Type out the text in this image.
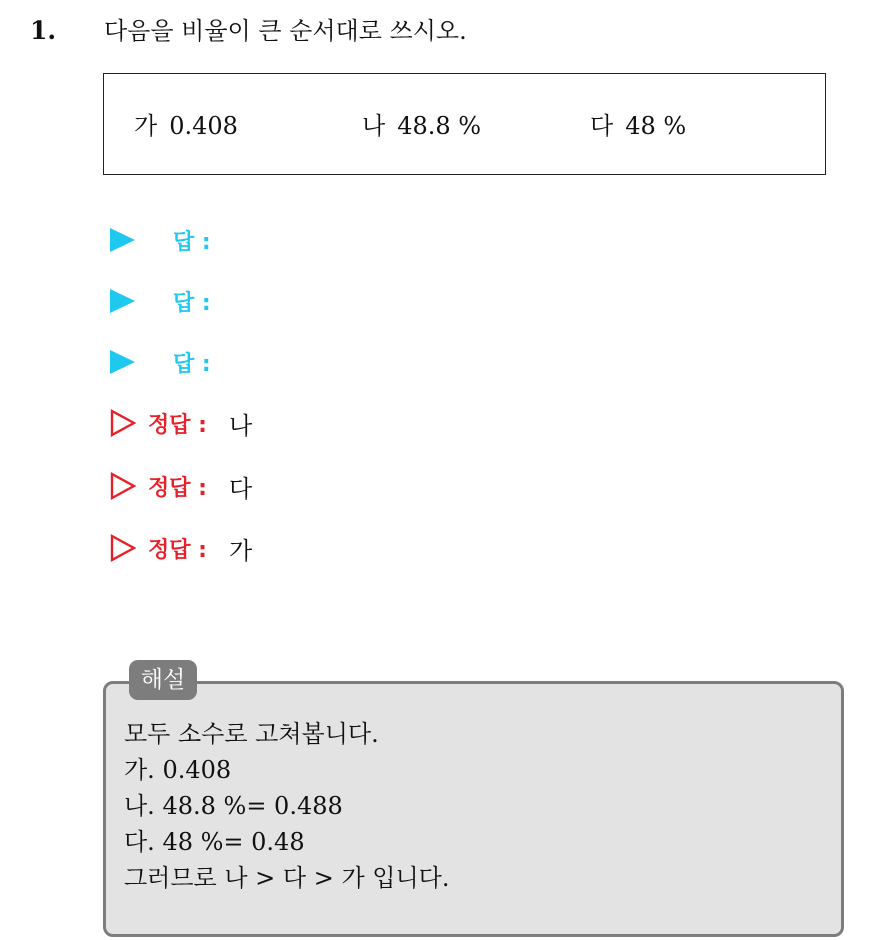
1. 다음을 비율이 큰 순서대로 쓰시오.
가 0.408	나 48.8 %	다 48 %
답 :
답 :
답 :
정답 : 나
정답 : 다
정답 : 가
해설
모두 소수로 고쳐봅니다.
가. 0.408
나. 48.8 %= 0.488
다. 48 %= 0.48
그러므로 나 > 다 > 가 입니다.
